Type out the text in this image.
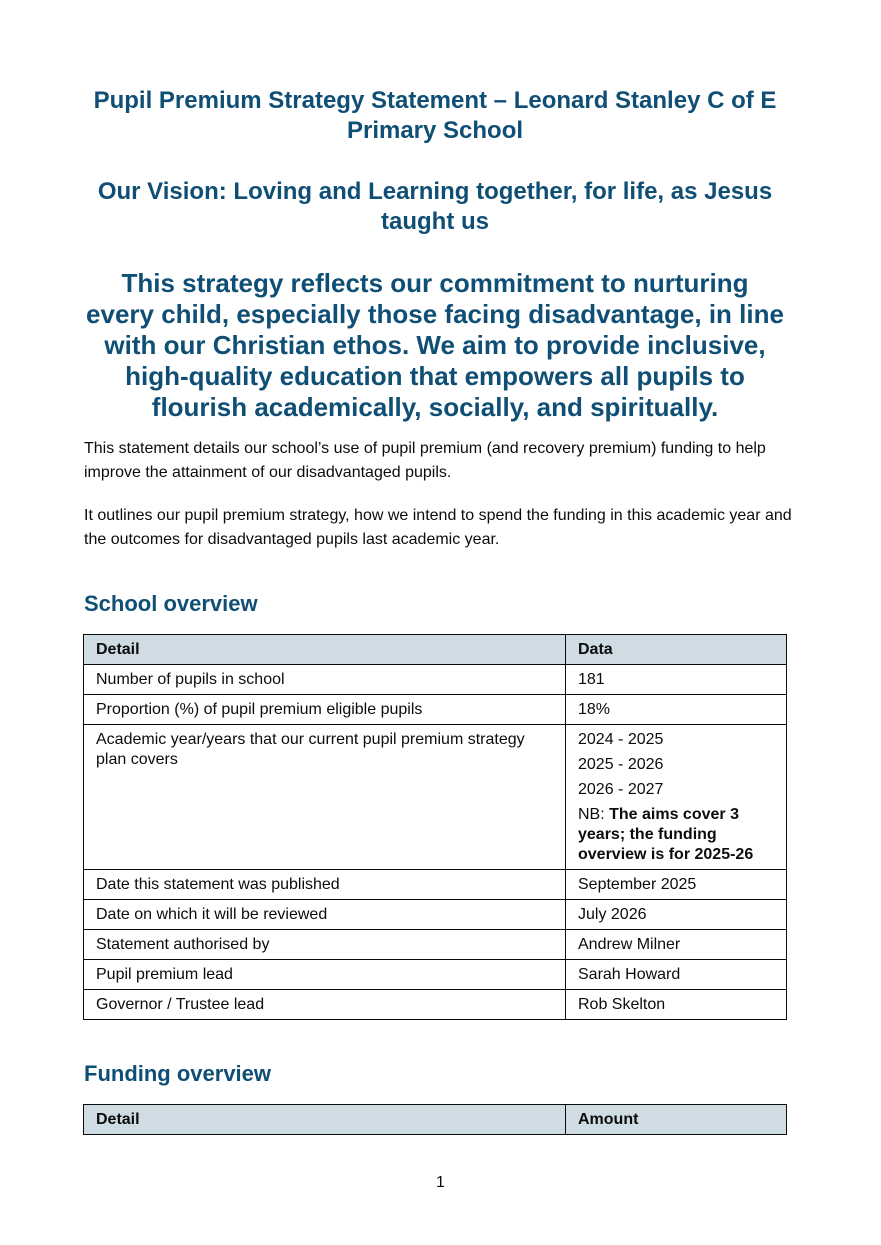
Pupil Premium Strategy Statement – Leonard Stanley C of E Primary School
Our Vision: Loving and Learning together, for life, as Jesus taught us
This strategy reflects our commitment to nurturing every child, especially those facing disadvantage, in line with our Christian ethos. We aim to provide inclusive, high-quality education that empowers all pupils to flourish academically, socially, and spiritually.

This statement details our school’s use of pupil premium (and recovery premium) funding to help improve the attainment of our disadvantaged pupils.

It outlines our pupil premium strategy, how we intend to spend the funding in this academic year and the outcomes for disadvantaged pupils last academic year.

School overview
Detail	Data
Number of pupils in school	181
Proportion (%) of pupil premium eligible pupils	18%
Academic year/years that our current pupil premium strategy plan covers	2024 - 2025
2025 - 2026
2026 - 2027
NB: The aims cover 3 years; the funding overview is for 2025-26

Date this statement was published	September 2025
Date on which it will be reviewed	July 2026
Statement authorised by	Andrew Milner
Pupil premium lead	Sarah Howard
Governor / Trustee lead	Rob Skelton
Funding overview
Detail	Amount
1
